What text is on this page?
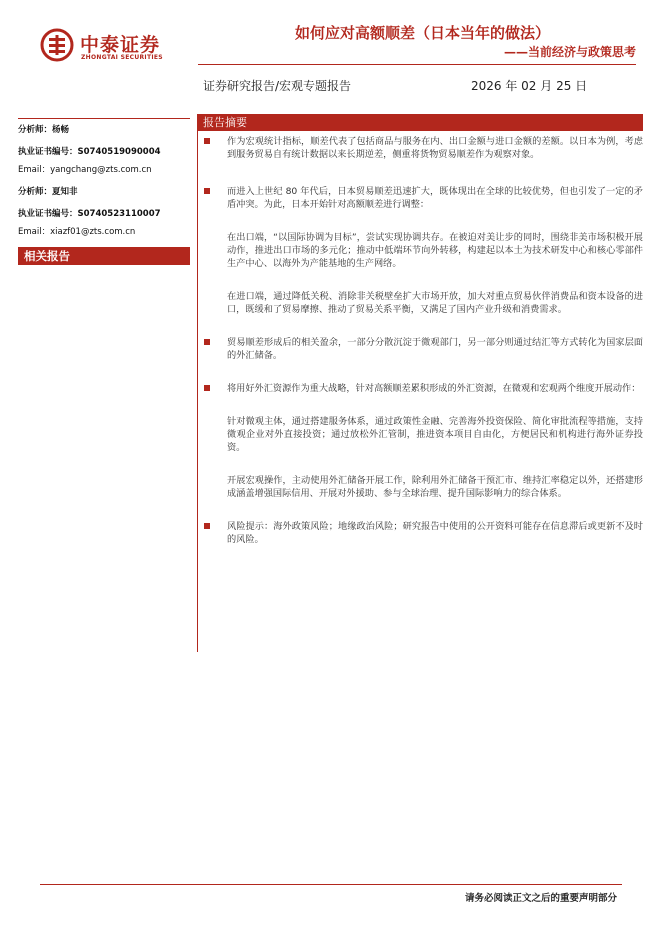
中泰证券
ZHONGTAI SECURITIES
如何应对高额顺差（日本当年的做法）
——当前经济与政策思考
证券研究报告/宏观专题报告	2026 年 02 月 25 日
分析师：杨畅
执业证书编号：S0740519090004
Email：yangchang@zts.com.cn
分析师：夏知非
执业证书编号：S0740523110007
Email：xiazf01@zts.com.cn
相关报告
报告摘要
作为宏观统计指标，顺差代表了包括商品与服务在内、出口金额与进口金额的差额。以日本为例，考虑到服务贸易自有统计数据以来长期逆差，侧重将货物贸易顺差作为观察对象。
而进入上世纪 80 年代后，日本贸易顺差迅速扩大，既体现出在全球的比较优势，但也引发了一定的矛盾冲突。为此，日本开始针对高额顺差进行调整：
在出口端，“以国际协调为目标”，尝试实现协调共存。在被迫对美让步的同时，围绕非美市场积极开展动作，推进出口市场的多元化；推动中低端环节向外转移，构建起以本土为技术研发中心和核心零部件生产中心、以海外为产能基地的生产网络。
在进口端，通过降低关税、消除非关税壁垒扩大市场开放，加大对重点贸易伙伴消费品和资本设备的进口，既缓和了贸易摩擦、推动了贸易关系平衡，又满足了国内产业升级和消费需求。
贸易顺差形成后的相关盈余，一部分分散沉淀于微观部门，另一部分则通过结汇等方式转化为国家层面的外汇储备。
将用好外汇资源作为重大战略，针对高额顺差累积形成的外汇资源，在微观和宏观两个维度开展动作：
针对微观主体，通过搭建服务体系，通过政策性金融、完善海外投资保险、简化审批流程等措施，支持微观企业对外直接投资；通过放松外汇管制，推进资本项目自由化，方便居民和机构进行海外证券投资。
开展宏观操作，主动使用外汇储备开展工作，除利用外汇储备干预汇市、维持汇率稳定以外，还搭建形成涵盖增强国际信用、开展对外援助、参与全球治理、提升国际影响力的综合体系。
风险提示：海外政策风险；地缘政治风险；研究报告中使用的公开资料可能存在信息滞后或更新不及时的风险。
请务必阅读正文之后的重要声明部分
